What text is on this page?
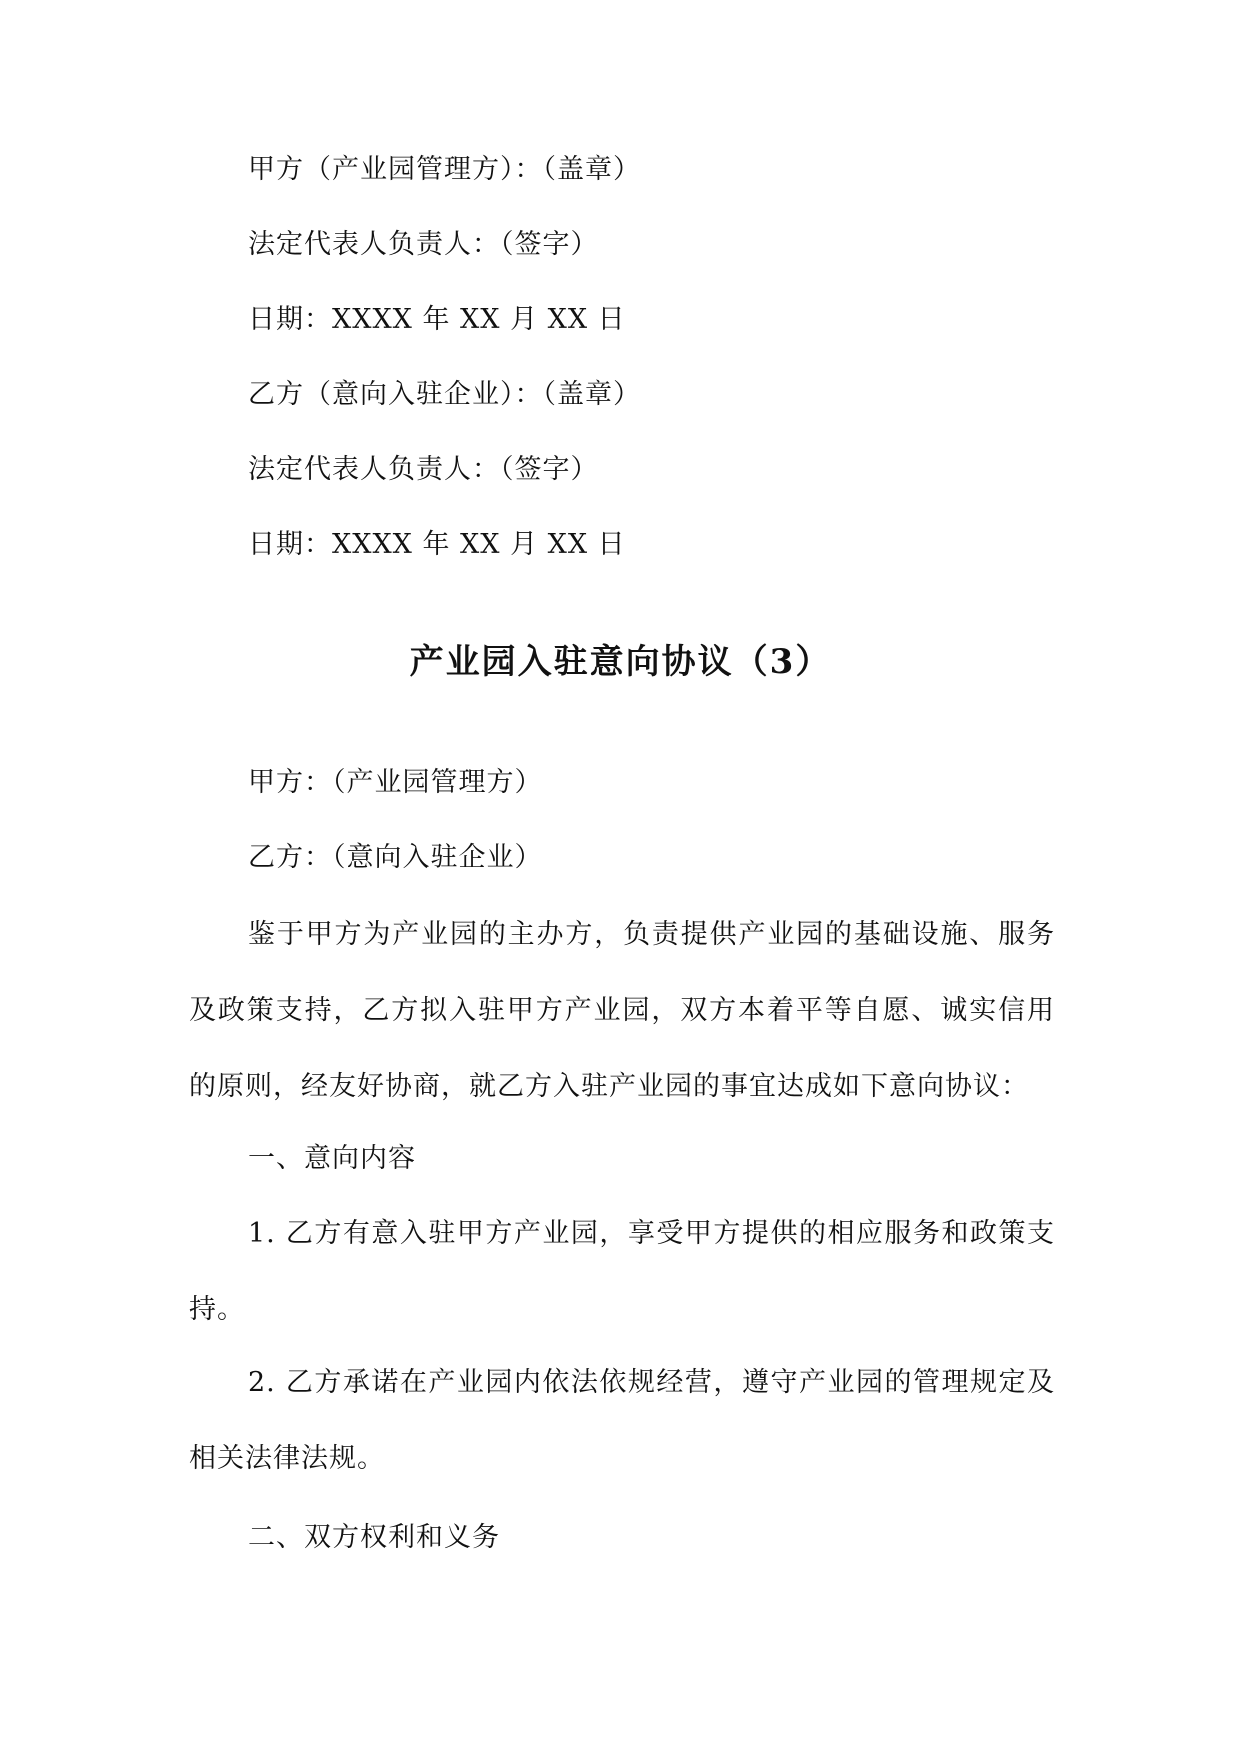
甲方（产业园管理方）：（盖章）
法定代表人负责人：（签字）
日期：XXXX 年 XX 月 XX 日
乙方（意向入驻企业）：（盖章）
法定代表人负责人：（签字）
日期：XXXX 年 XX 月 XX 日
产业园入驻意向协议（3）
甲方：（产业园管理方）
乙方：（意向入驻企业）
鉴于甲方为产业园的主办方，负责提供产业园的基础设施、服务及政策支持，乙方拟入驻甲方产业园，双方本着平等自愿、诚实信用的原则，经友好协商，就乙方入驻产业园的事宜达成如下意向协议：
一、意向内容
1. 乙方有意入驻甲方产业园，享受甲方提供的相应服务和政策支持。
2. 乙方承诺在产业园内依法依规经营，遵守产业园的管理规定及相关法律法规。
二、双方权利和义务
